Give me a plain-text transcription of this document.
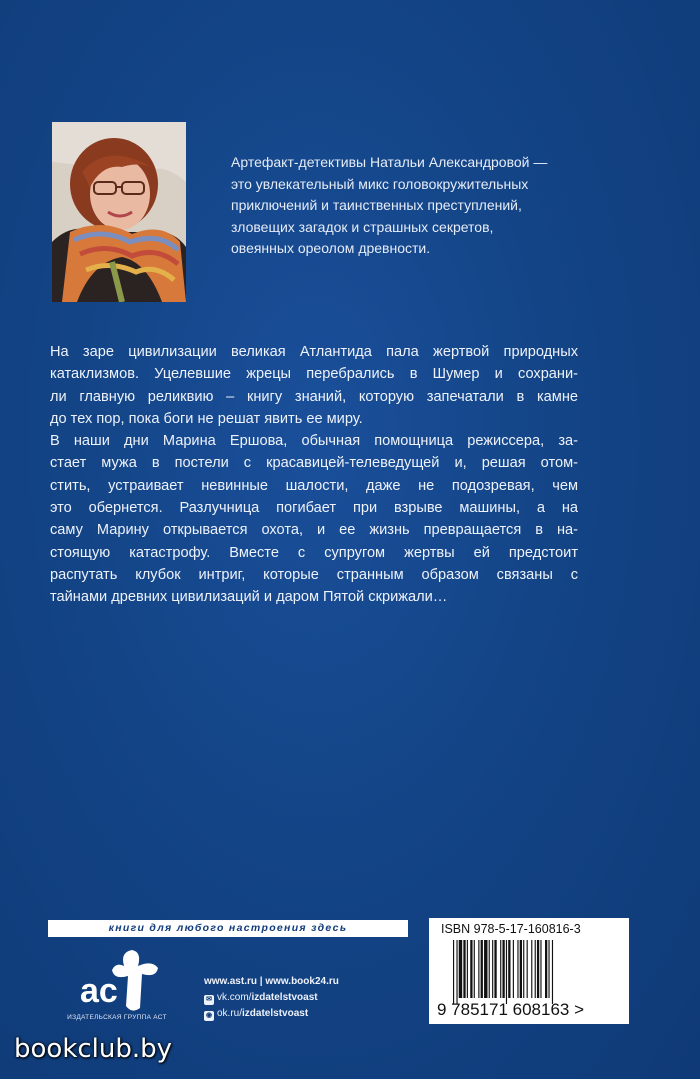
Артефакт-детективы Натальи Александровой —
это увлекательный микс головокружительных
приключений и таинственных преступлений,
зловещих загадок и страшных секретов,
овеянных ореолом древности.
На заре цивилизации великая Атлантида пала жертвой природных
катаклизмов. Уцелевшие жрецы перебрались в Шумер и сохрани-
ли главную реликвию – книгу знаний, которую запечатали в камне
до тех пор, пока боги не решат явить ее миру.
В наши дни Марина Ершова, обычная помощница режиссера, за-
стает мужа в постели с красавицей-телеведущей и, решая отом-
стить, устраивает невинные шалости, даже не подозревая, чем
это обернется. Разлучница погибает при взрыве машины, а на
саму Марину открывается охота, и ее жизнь превращается в на-
стоящую катастрофу. Вместе с супругом жертвы ей предстоит
распутать клубок интриг, которые странным образом связаны с
тайнами древних цивилизаций и даром Пятой скрижали…
книги для любого настроения здесь
ас
ИЗДАТЕЛЬСКАЯ ГРУППА АСТ
www.ast.ru | www.book24.ru
✉ vk.com/izdatelstvoast
◉ ok.ru/izdatelstvoast
ISBN 978-5-17-160816-3
9 785171 608163 >
bookclub.by
